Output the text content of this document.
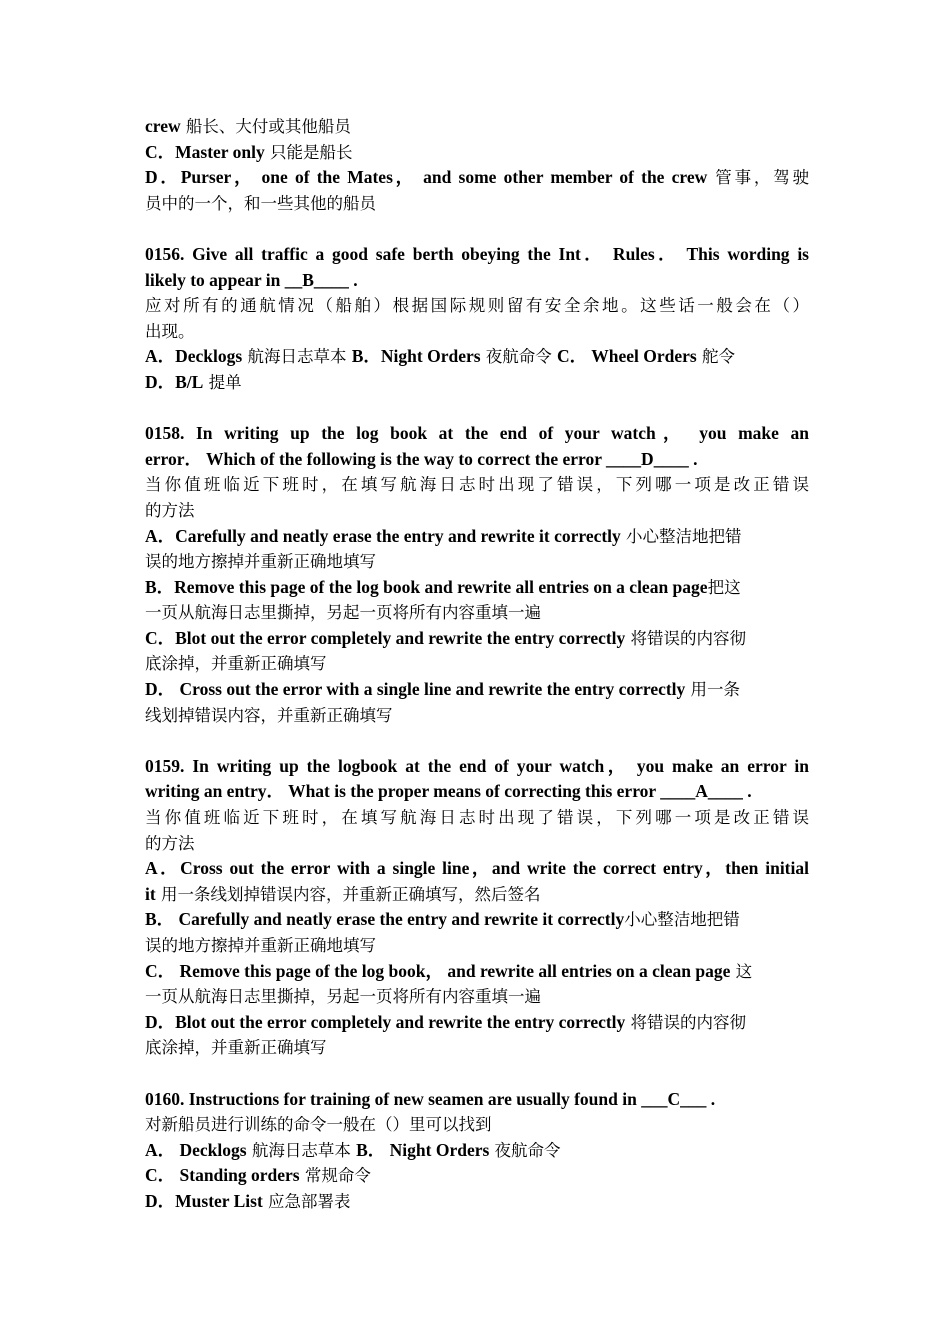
crew 船长、大付或其他船员
C．Master only 只能是船长
D．Purser， one of the Mates， and some other member of the crew 管事，驾驶
员中的一个，和一些其他的船员
0156. Give all traffic a good safe berth obeying the Int． Rules． This wording is
likely to appear in __B____ .
应对所有的通航情况（船舶）根据国际规则留有安全余地。这些话一般会在（）
出现。
A．Decklogs 航海日志草本 B．Night Orders 夜航命令 C． Wheel Orders 舵令
D．B/L 提单
0158. In writing up the log book at the end of your watch， you make an
error． Which of the following is the way to correct the error ____D____ .
当你值班临近下班时，在填写航海日志时出现了错误，下列哪一项是改正错误
的方法
A．Carefully and neatly erase the entry and rewrite it correctly 小心整洁地把错
误的地方擦掉并重新正确地填写
B．Remove this page of the log book and rewrite all entries on a clean page把这
一页从航海日志里撕掉，另起一页将所有内容重填一遍
C．Blot out the error completely and rewrite the entry correctly 将错误的内容彻
底涂掉，并重新正确填写
D． Cross out the error with a single line and rewrite the entry correctly 用一条
线划掉错误内容，并重新正确填写
0159. In writing up the logbook at the end of your watch， you make an error in
writing an entry． What is the proper means of correcting this error ____A____ .
当你值班临近下班时，在填写航海日志时出现了错误，下列哪一项是改正错误
的方法
A．Cross out the error with a single line，and write the correct entry，then initial
it 用一条线划掉错误内容，并重新正确填写，然后签名
B． Carefully and neatly erase the entry and rewrite it correctly小心整洁地把错
误的地方擦掉并重新正确地填写
C． Remove this page of the log book， and rewrite all entries on a clean page 这
一页从航海日志里撕掉，另起一页将所有内容重填一遍
D．Blot out the error completely and rewrite the entry correctly 将错误的内容彻
底涂掉，并重新正确填写
0160. Instructions for training of new seamen are usually found in ___C___ .
对新船员进行训练的命令一般在（）里可以找到
A． Decklogs 航海日志草本 B． Night Orders 夜航命令
C． Standing orders 常规命令
D．Muster List 应急部署表
